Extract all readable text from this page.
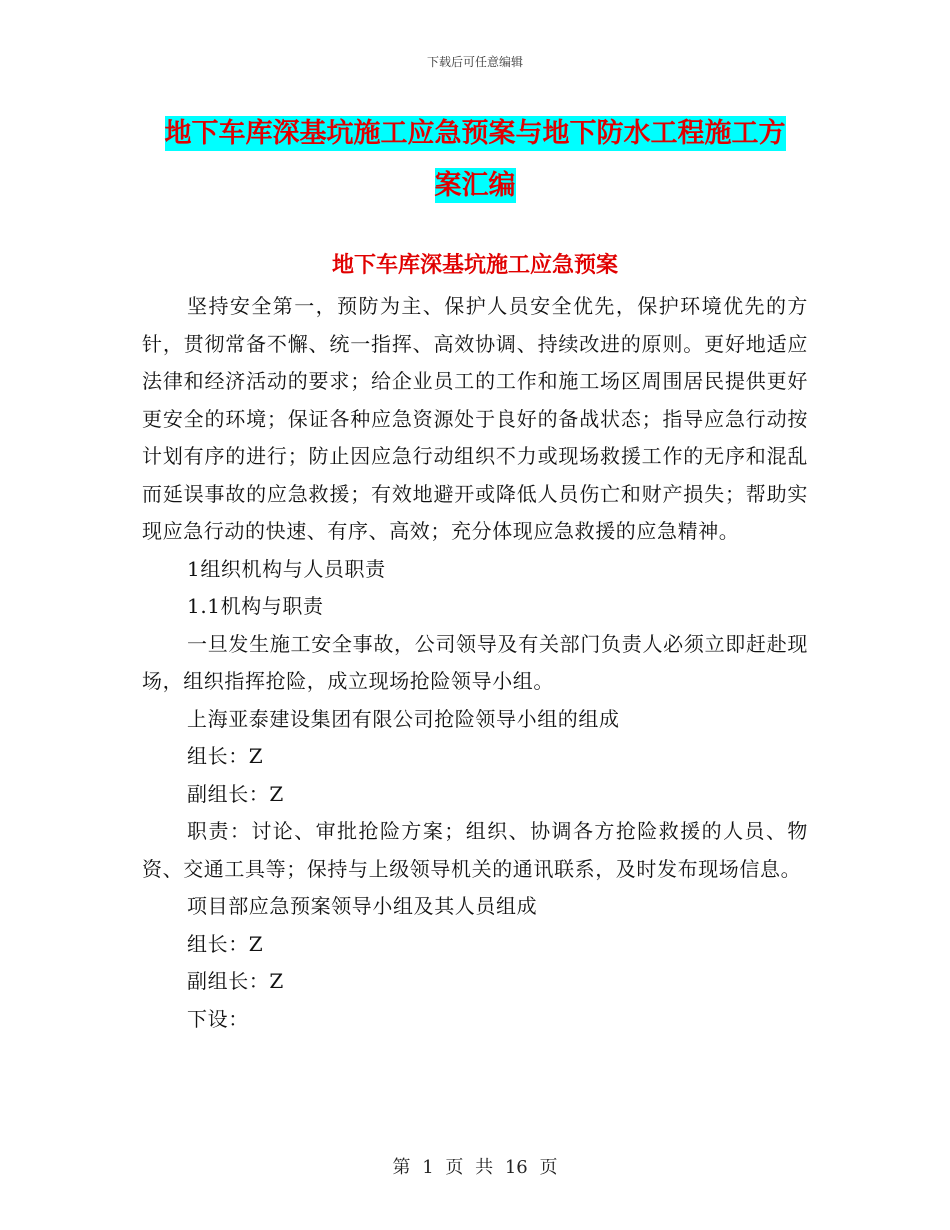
下载后可任意编辑
地下车库深基坑施工应急预案与地下防水工程施工方
案汇编
地下车库深基坑施工应急预案

坚持安全第一，预防为主、保护人员安全优先，保护环境优先的方针，贯彻常备不懈、统一指挥、高效协调、持续改进的原则。更好地适应法律和经济活动的要求；给企业员工的工作和施工场区周围居民提供更好更安全的环境；保证各种应急资源处于良好的备战状态；指导应急行动按计划有序的进行；防止因应急行动组织不力或现场救援工作的无序和混乱而延误事故的应急救援；有效地避开或降低人员伤亡和财产损失；帮助实现应急行动的快速、有序、高效；充分体现应急救援的应急精神。

1组织机构与人员职责

1.1机构与职责

一旦发生施工安全事故，公司领导及有关部门负责人必须立即赶赴现场，组织指挥抢险，成立现场抢险领导小组。

上海亚泰建设集团有限公司抢险领导小组的组成

组长：Z

副组长：Z

职责：讨论、审批抢险方案；组织、协调各方抢险救援的人员、物资、交通工具等；保持与上级领导机关的通讯联系，及时发布现场信息。

项目部应急预案领导小组及其人员组成

组长：Z

副组长：Z

下设：

第 1 页 共 16 页
